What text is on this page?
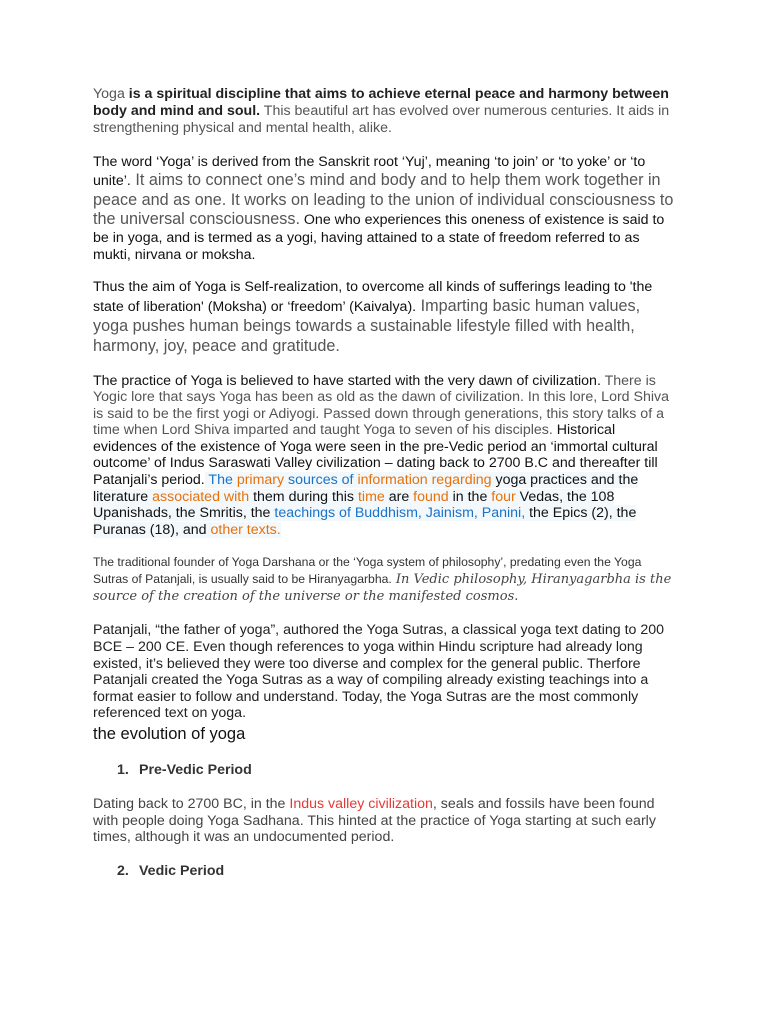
Yoga is a spiritual discipline that aims to achieve eternal peace and harmony between body and mind and soul. This beautiful art has evolved over numerous centuries. It aids in strengthening physical and mental health, alike.

The word ‘Yoga’ is derived from the Sanskrit root ‘Yuj’, meaning ‘to join’ or ‘to yoke’ or ‘to unite’. It aims to connect one’s mind and body and to help them work together in peace and as one. It works on leading to the union of individual consciousness to the universal consciousness. One who experiences this oneness of existence is said to be in yoga, and is termed as a yogi, having attained to a state of freedom referred to as mukti, nirvana or moksha.

Thus the aim of Yoga is Self-realization, to overcome all kinds of sufferings leading to 'the state of liberation' (Moksha) or ‘freedom’ (Kaivalya). Imparting basic human values, yoga pushes human beings towards a sustainable lifestyle filled with health, harmony, joy, peace and gratitude.

The practice of Yoga is believed to have started with the very dawn of civilization. There is Yogic lore that says Yoga has been as old as the dawn of civilization. In this lore, Lord Shiva is said to be the first yogi or Adiyogi. Passed down through generations, this story talks of a time when Lord Shiva imparted and taught Yoga to seven of his disciples. Historical evidences of the existence of Yoga were seen in the pre-Vedic period an ‘immortal cultural outcome’ of Indus Saraswati Valley civilization – dating back to 2700 B.C and thereafter till Patanjali’s period. The primary sources of information regarding yoga practices and the literature associated with them during this time are found in the four Vedas, the 108 Upanishads, the Smritis, the teachings of Buddhism, Jainism, Panini, the Epics (2), the Puranas (18), and other texts.

The traditional founder of Yoga Darshana or the ‘Yoga system of philosophy’, predating even the Yoga Sutras of Patanjali, is usually said to be Hiranyagarbha. In Vedic philosophy, Hiranyagarbha is the source of the creation of the universe or the manifested cosmos.

Patanjali, “the father of yoga”, authored the Yoga Sutras, a classical yoga text dating to 200 BCE – 200 CE. Even though references to yoga within Hindu scripture had already long existed, it’s believed they were too diverse and complex for the general public. Therfore Patanjali created the Yoga Sutras as a way of compiling already existing teachings into a format easier to follow and understand. Today, the Yoga Sutras are the most commonly referenced text on yoga.

the evolution of yoga
1. Pre-Vedic Period

Dating back to 2700 BC, in the Indus valley civilization, seals and fossils have been found with people doing Yoga Sadhana. This hinted at the practice of Yoga starting at such early times, although it was an undocumented period.

2. Vedic Period
